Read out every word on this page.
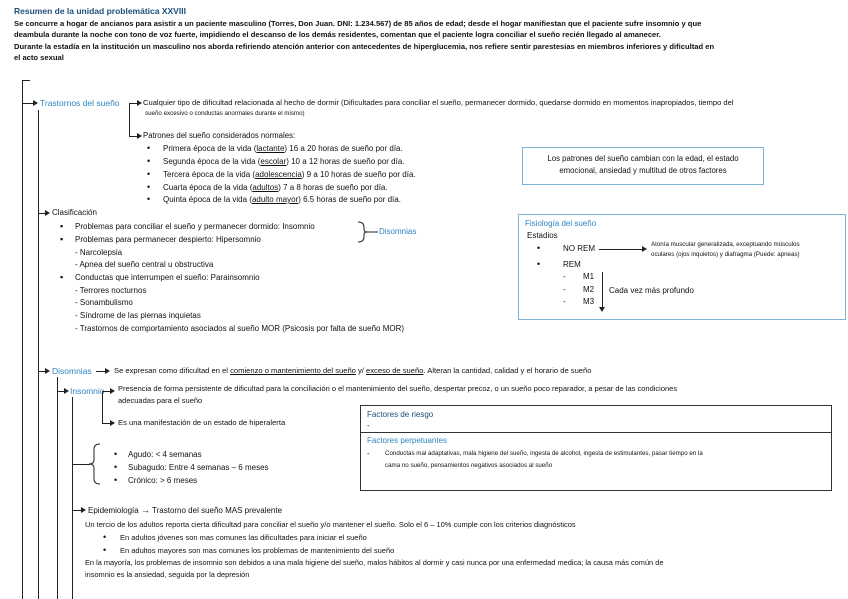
Resumen de la unidad problemática XXVIII
Se concurre a hogar de ancianos para asistir a un paciente masculino (Torres, Don Juan. DNI: 1.234.567) de 85 años de edad; desde el hogar manifiestan que el paciente sufre insomnio y que
deambula durante la noche con tono de voz fuerte, impidiendo el descanso de los demás residentes, comentan que el paciente logra conciliar el sueño recién llegado al amanecer.
Durante la estadía en la institución un masculino nos aborda refiriendo atención anterior con antecedentes de hiperglucemia, nos refiere sentir parestesias en miembros inferiores y dificultad en
el acto sexual
Trastornos del sueño	Cualquier tipo de dificultad relacionada al hecho de dormir (Dificultades para conciliar el sueño, permanecer dormido, quedarse dormido en momentos inapropiados, tiempo del
sueño excesivo o conductas anormales durante el mismo)
Patrones del sueño considerados normales:
• Primera época de la vida (lactante) 16 a 20 horas de sueño por día.
• Segunda época de la vida (escolar) 10 a 12 horas de sueño por día.
• Tercera época de la vida (adolescencia) 9 a 10 horas de sueño por día.
• Cuarta época de la vida (adultos) 7 a 8 horas de sueño por día.
• Quinta época de la vida (adulto mayor) 6.5 horas de sueño por día.
Los patrones del sueño cambian con la edad, el estado
emocional, ansiedad y multitud de otros factores
Fisiología del sueño
Estadios
•	NO REM	Atonía muscular generalizada, exceptuando músculos
oculares (ojos inquietos) y diafragma (Puede: apneas)
•	REM
- M1
- M2
- M3
Cada vez más profundo
Clasificación
▪ Problemas para conciliar el sueño y permanecer dormido: Insomnio
▪ Problemas para permanecer despierto: Hipersomnio
- Narcolepsia
- Apnea del sueño central u obstructiva
Disomnias
▪ Conductas que interrumpen el sueño: Parainsomnio
- Terrores nocturnos
- Sonambulismo
- Síndrome de las piernas inquietas
- Trastornos de comportamiento asociados al sueño MOR (Psicosis por falta de sueño MOR)
Disomnias	Se expresan como dificultad en el comienzo o mantenimiento del sueño y/ exceso de sueño. Alteran la cantidad, calidad y el horario de sueño
Insomnio Presencia de forma persistente de dificultad para la conciliación o el mantenimiento del sueño, despertar precoz, o un sueño poco reparador, a pesar de las condiciones
adecuadas para el sueño
Es una manifestación de un estado de hiperalerta
• Agudo: < 4 semanas
• Subagudo: Entre 4 semanas – 6 meses
• Crónico: > 6 meses
Factores de riesgo
-
Factores perpetuantes
- Conductas mal adaptativas, mala higiene del sueño, ingesta de alcohol, ingesta de estimulantes, pasar tiempo en la
cama no sueño, pensamientos negativos asociados al sueño
Epidemiología → Trastorno del sueño MAS prevalente
Un tercio de los adultos reporta cierta dificultad para conciliar el sueño y/o mantener el sueño. Solo el 6 – 10% cumple con los criterios diagnósticos
• En adultos jóvenes son mas comunes las dificultades para iniciar el sueño
• En adultos mayores son mas comunes los problemas de mantenimiento del sueño
En la mayoría, los problemas de insomnio son debidos a una mala higiene del sueño, malos hábitos al dormir y casi nunca por una enfermedad medica; la causa más común de
insomnio es la ansiedad, seguida por la depresión
